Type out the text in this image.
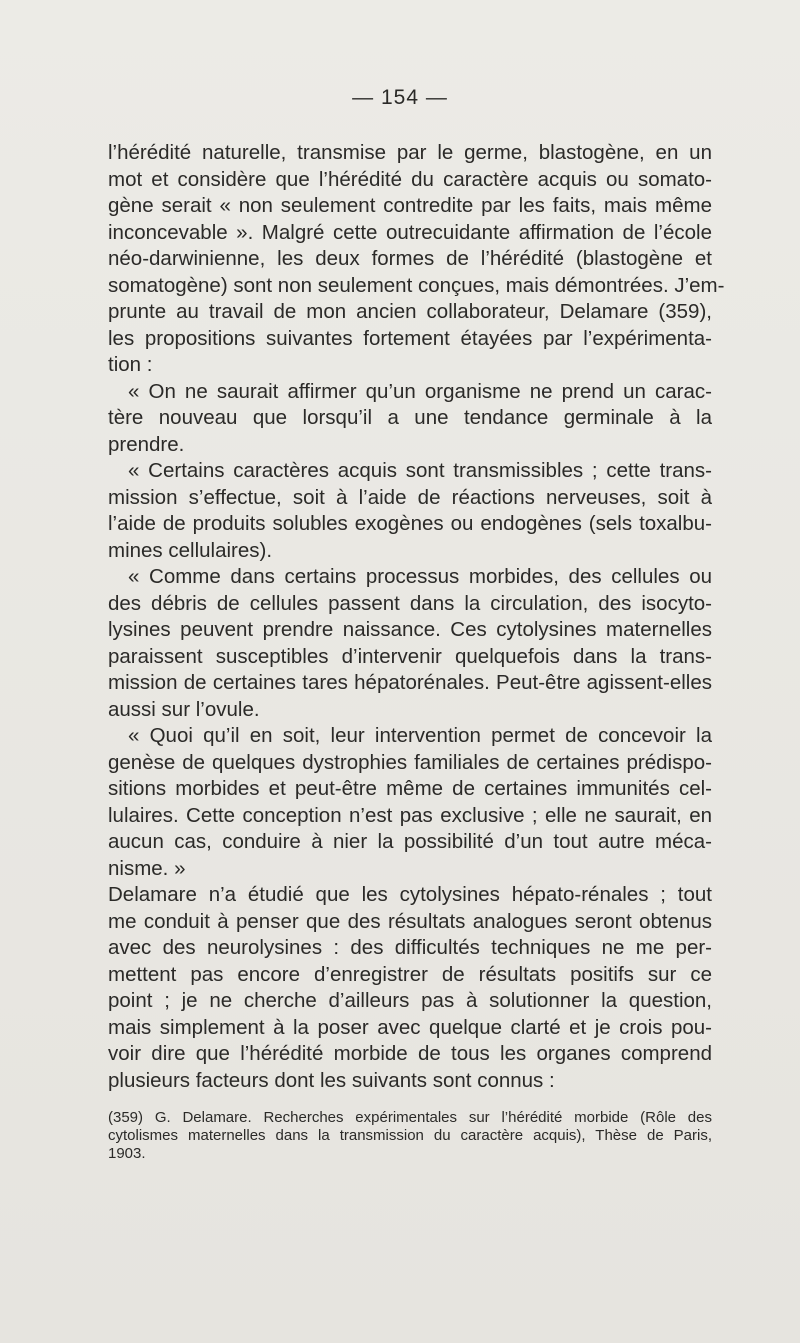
— 154 —
l’hérédité naturelle, transmise par le germe, blastogène, en un
mot et considère que l’hérédité du caractère acquis ou somato-
gène serait « non seulement contredite par les faits, mais même
inconcevable ». Malgré cette outrecuidante affirmation de l’école
néo-darwinienne, les deux formes de l’hérédité (blastogène et
somatogène) sont non seulement conçues, mais démontrées. J’em-
prunte au travail de mon ancien collaborateur, Delamare (359),
les propositions suivantes fortement étayées par l’expérimenta-
tion :
« On ne saurait affirmer qu’un organisme ne prend un carac-
tère nouveau que lorsqu’il a une tendance germinale à la
prendre.
« Certains caractères acquis sont transmissibles ; cette trans-
mission s’effectue, soit à l’aide de réactions nerveuses, soit à
l’aide de produits solubles exogènes ou endogènes (sels toxalbu-
mines cellulaires).
« Comme dans certains processus morbides, des cellules ou
des débris de cellules passent dans la circulation, des isocyto-
lysines peuvent prendre naissance. Ces cytolysines maternelles
paraissent susceptibles d’intervenir quelquefois dans la trans-
mission de certaines tares hépatorénales. Peut-être agissent-elles
aussi sur l’ovule.
« Quoi qu’il en soit, leur intervention permet de concevoir la
genèse de quelques dystrophies familiales de certaines prédispo-
sitions morbides et peut-être même de certaines immunités cel-
lulaires. Cette conception n’est pas exclusive ; elle ne saurait, en
aucun cas, conduire à nier la possibilité d’un tout autre méca-
nisme. »
Delamare n’a étudié que les cytolysines hépato-rénales ; tout
me conduit à penser que des résultats analogues seront obtenus
avec des neurolysines : des difficultés techniques ne me per-
mettent pas encore d’enregistrer de résultats positifs sur ce
point ; je ne cherche d’ailleurs pas à solutionner la question,
mais simplement à la poser avec quelque clarté et je crois pou-
voir dire que l’hérédité morbide de tous les organes comprend
plusieurs facteurs dont les suivants sont connus :
(359) G. Delamare. Recherches expérimentales sur l’hérédité morbide (Rôle des
cytolismes maternelles dans la transmission du caractère acquis), Thèse de Paris,
1903.
